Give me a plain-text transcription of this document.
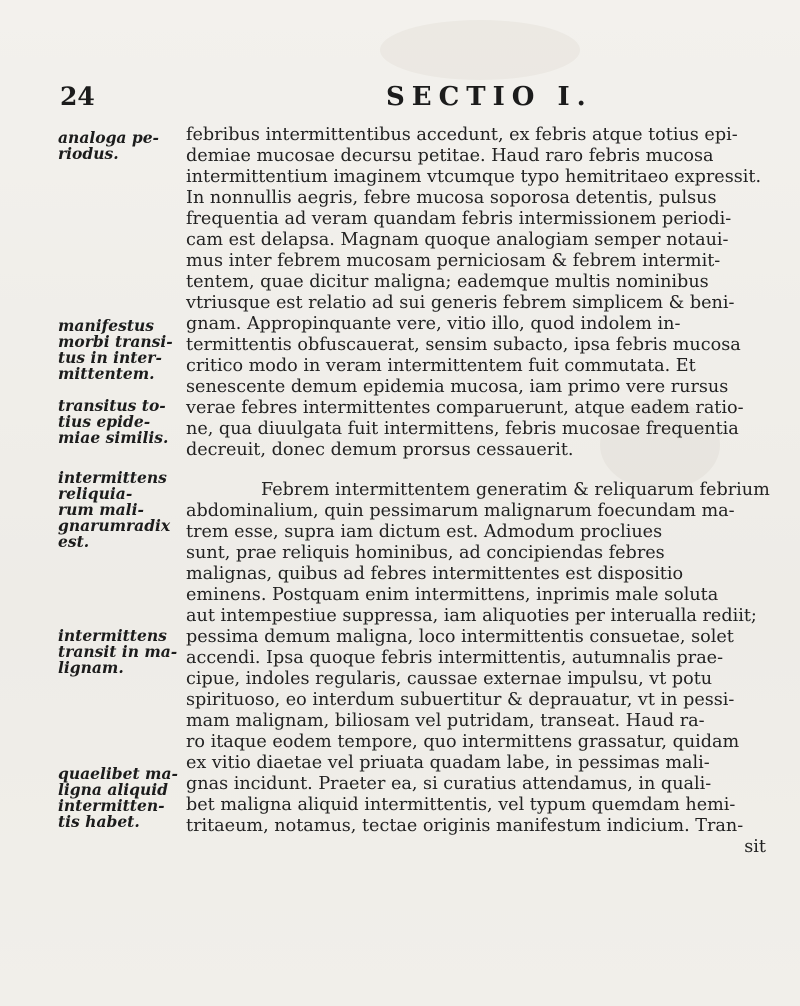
24	SECTIO I.
analoga pe-
riodus.
manifestus
morbi transi-
tus in inter-
mittentem.
transitus to-
tius epide-
miae similis.
intermittens
reliquia-
rum mali-
gnarumradix
est.
intermittens
transit in ma-
lignam.
quaelibet ma-
ligna aliquid
intermitten-
tis habet.
febribus intermittentibus accedunt, ex febris atque totius epi-
demiae mucosae decursu petitae. Haud raro febris mucosa
intermittentium imaginem vtcumque typo hemitritaeo expressit.
In nonnullis aegris, febre mucosa soporosa detentis, pulsus
frequentia ad veram quandam febris intermissionem periodi-
cam est delapsa. Magnam quoque analogiam semper notaui-
mus inter febrem mucosam perniciosam & febrem intermit-
tentem, quae dicitur maligna; eademque multis nominibus
vtriusque est relatio ad sui generis febrem simplicem & beni-
gnam. Appropinquante vere, vitio illo, quod indolem in-
termittentis obfuscauerat, sensim subacto, ipsa febris mucosa
critico modo in veram intermittentem fuit commutata. Et
senescente demum epidemia mucosa, iam primo vere rursus
verae febres intermittentes comparuerunt, atque eadem ratio-
ne, qua diuulgata fuit intermittens, febris mucosae frequentia
decreuit, donec demum prorsus cessauerit.
Febrem intermittentem generatim & reliquarum febrium
abdominalium, quin pessimarum malignarum foecundam ma-
trem esse, supra iam dictum est. Admodum procliues
sunt, prae reliquis hominibus, ad concipiendas febres
malignas, quibus ad febres intermittentes est dispositio
eminens. Postquam enim intermittens, inprimis male soluta
aut intempestiue suppressa, iam aliquoties per interualla rediit;
pessima demum maligna, loco intermittentis consuetae, solet
accendi. Ipsa quoque febris intermittentis, autumnalis prae-
cipue, indoles regularis, caussae externae impulsu, vt potu
spirituoso, eo interdum subuertitur & deprauatur, vt in pessi-
mam malignam, biliosam vel putridam, transeat. Haud ra-
ro itaque eodem tempore, quo intermittens grassatur, quidam
ex vitio diaetae vel priuata quadam labe, in pessimas mali-
gnas incidunt. Praeter ea, si curatius attendamus, in quali-
bet maligna aliquid intermittentis, vel typum quemdam hemi-
tritaeum, notamus, tectae originis manifestum indicium. Tran-
sit
